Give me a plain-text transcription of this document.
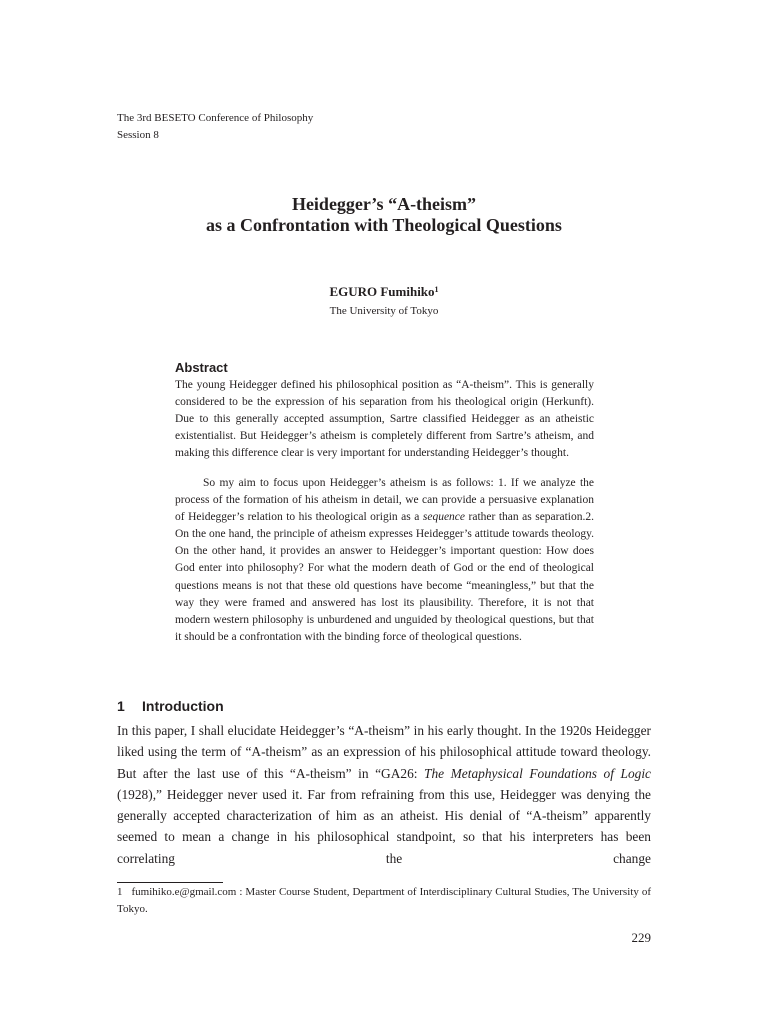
The 3rd BESETO Conference of Philosophy
Session 8
Heidegger’s “A-theism”
as a Confrontation with Theological Questions
EGURO Fumihiko$^1$
The University of Tokyo
Abstract

The young Heidegger defined his philosophical position as “A-theism”. This is generally considered to be the expression of his separation from his theological origin (Herkunft). Due to this generally accepted assumption, Sartre classified Heidegger as an atheistic existentialist. But Heidegger’s atheism is completely different from Sartre’s atheism, and making this difference clear is very important for understanding Heidegger’s thought.

So my aim to focus upon Heidegger’s atheism is as follows: 1. If we analyze the process of the formation of his atheism in detail, we can provide a persuasive explanation of Heidegger’s relation to his theological origin as a sequence rather than as separation.2. On the one hand, the principle of atheism expresses Heidegger’s attitude towards theology. On the other hand, it provides an answer to Heidegger’s important question: How does God enter into philosophy? For what the modern death of God or the end of theological questions means is not that these old questions have become “meaningless,” but that the way they were framed and answered has lost its plausibility. Therefore, it is not that modern western philosophy is unburdened and unguided by theological questions, but that it should be a confrontation with the binding force of theological questions.

1 Introduction

In this paper, I shall elucidate Heidegger’s “A-theism” in his early thought. In the 1920s Heidegger liked using the term of “A-theism” as an expression of his philosophical attitude toward theology. But after the last use of this “A-theism” in “GA26: The Metaphysical Foundations of Logic (1928),” Heidegger never used it. Far from refraining from this use, Heidegger was denying the generally accepted characterization of him as an atheist. His denial of “A-theism” apparently seemed to mean a change in his philosophical standpoint, so that his interpreters has been correlating the change

1 fumihiko.e@gmail.com : Master Course Student, Department of Interdisciplinary Cultural Studies, The University of Tokyo.

229
